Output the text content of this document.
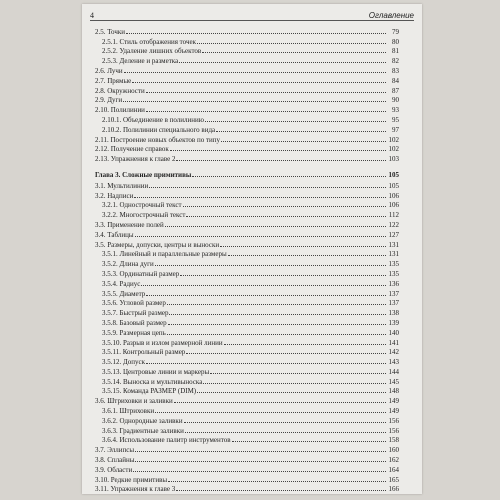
4	Оглавление
2.5. Точки	79
2.5.1. Стиль отображения точек	80
2.5.2. Удаление лишних объектов	81
2.5.3. Деление и разметка	82
2.6. Лучи	83
2.7. Прямые	84
2.8. Окружности	87
2.9. Дуги	90
2.10. Полилинии	93
2.10.1. Объединение в полилинию	95
2.10.2. Полилинии специального вида	97
2.11. Построение новых объектов по типу	102
2.12. Получение справок	102
2.13. Упражнения к главе 2	103
Глава 3. Сложные примитивы	105
3.1. Мультилинии	105
3.2. Надписи	106
3.2.1. Однострочный текст	106
3.2.2. Многострочный текст	112
3.3. Применение полей	122
3.4. Таблицы	127
3.5. Размеры, допуски, центры и выноски	131
3.5.1. Линейный и параллельные размеры	131
3.5.2. Длина дуги	135
3.5.3. Ординатный размер	135
3.5.4. Радиус	136
3.5.5. Диаметр	137
3.5.6. Угловой размер	137
3.5.7. Быстрый размер	138
3.5.8. Базовый размер	139
3.5.9. Размерная цепь	140
3.5.10. Разрыв и излом размерной линии	141
3.5.11. Контрольный размер	142
3.5.12. Допуск	143
3.5.13. Центровые линии и маркеры	144
3.5.14. Выноска и мультивыноска	145
3.5.15. Команда РАЗМЕР (DIM)	148
3.6. Штриховки и заливки	149
3.6.1. Штриховки	149
3.6.2. Однородные заливки	156
3.6.3. Градиентные заливки	156
3.6.4. Использование палитр инструментов	158
3.7. Эллипсы	160
3.8. Сплайны	162
3.9. Области	164
3.10. Редкие примитивы	165
3.11. Упражнения к главе 3	166
